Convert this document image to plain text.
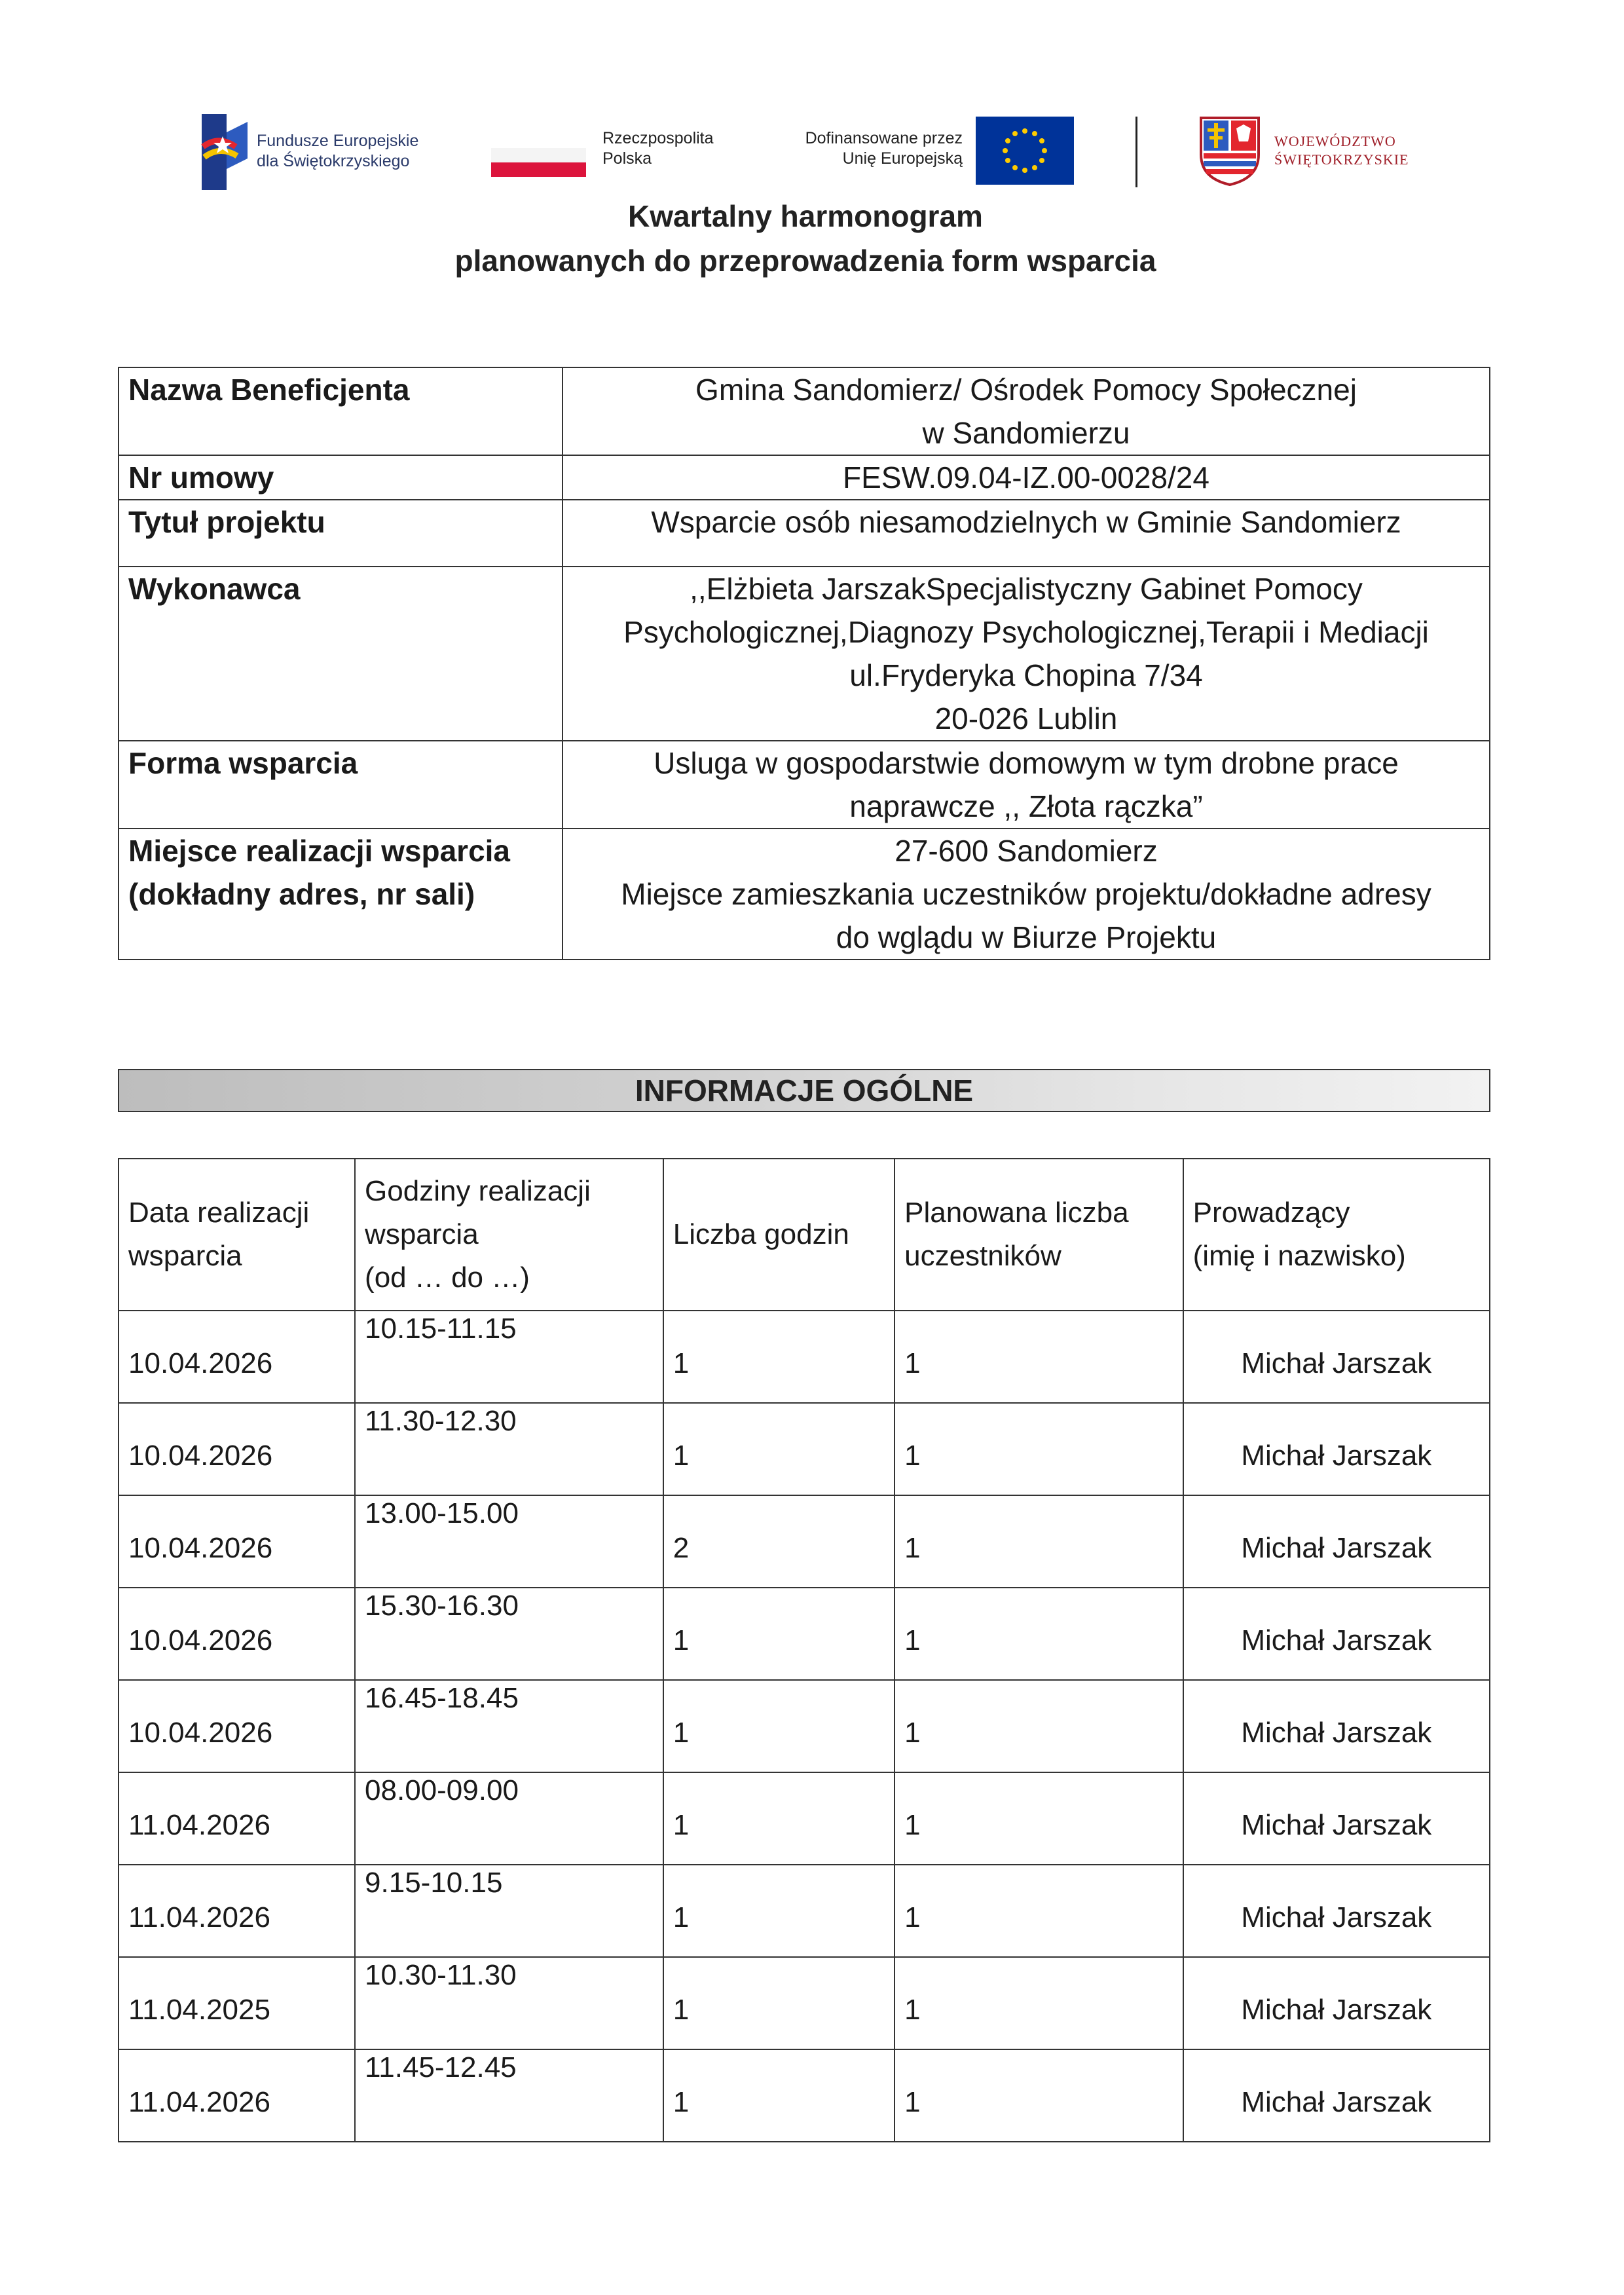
Fundusze Europejskie
dla Świętokrzyskiego
Rzeczpospolita
Polska
Dofinansowane przez
Unię Europejską
WOJEWÓDZTWO
ŚWIĘTOKRZYSKIE
Kwartalny harmonogram
planowanych do przeprowadzenia form wsparcia
Nazwa Beneficjenta	Gmina Sandomierz/ Ośrodek Pomocy Społecznej
w Sandomierzu
Nr umowy	FESW.09.04-IZ.00-0028/24
Tytuł projektu	Wsparcie osób niesamodzielnych w Gminie Sandomierz
Wykonawca	,,Elżbieta JarszakSpecjalistyczny Gabinet Pomocy
Psychologicznej,Diagnozy Psychologicznej,Terapii i Mediacji
ul.Fryderyka Chopina 7/34
20-026 Lublin
Forma wsparcia	Usluga w gospodarstwie domowym w tym drobne prace
naprawcze ,, Złota rączka”
Miejsce realizacji wsparcia
(dokładny adres, nr sali)	27-600 Sandomierz
Miejsce zamieszkania uczestników projektu/dokładne adresy
do wglądu w Biurze Projektu
INFORMACJE OGÓLNE
Data realizacji
wsparcia	Godziny realizacji
wsparcia
(od … do …)	Liczba godzin	Planowana liczba
uczestników	Prowadzący
(imię i nazwisko)
10.04.2026	10.15-11.15	1	1	Michał Jarszak
10.04.2026	11.30-12.30	1	1	Michał Jarszak
10.04.2026	13.00-15.00	2	1	Michał Jarszak
10.04.2026	15.30-16.30	1	1	Michał Jarszak
10.04.2026	16.45-18.45	1	1	Michał Jarszak
11.04.2026	08.00-09.00	1	1	Michał Jarszak
11.04.2026	9.15-10.15	1	1	Michał Jarszak
11.04.2025	10.30-11.30	1	1	Michał Jarszak
11.04.2026	11.45-12.45	1	1	Michał Jarszak
